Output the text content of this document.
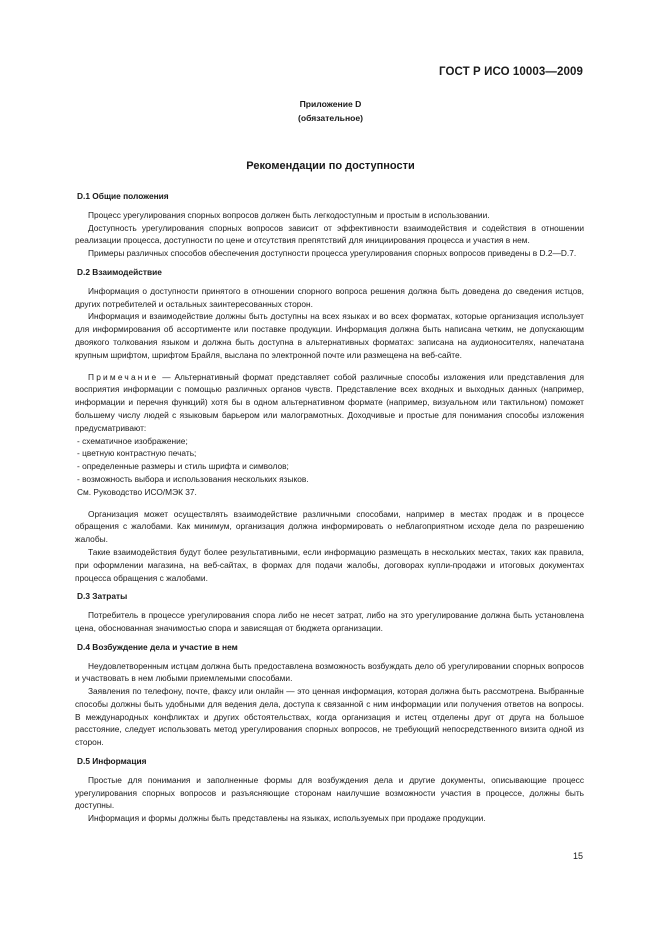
ГОСТ Р ИСО 10003—2009
Приложение D
(обязательное)
Рекомендации по доступности
D.1 Общие положения

Процесс урегулирования спорных вопросов должен быть легкодоступным и простым в использовании.

Доступность урегулирования спорных вопросов зависит от эффективности взаимодействия и содействия в отношении реализации процесса, доступности по цене и отсутствия препятствий для инициирования процесса и участия в нем.

Примеры различных способов обеспечения доступности процесса урегулирования спорных вопросов приведены в D.2—D.7.

D.2 Взаимодействие

Информация о доступности принятого в отношении спорного вопроса решения должна быть доведена до сведения истцов, других потребителей и остальных заинтересованных сторон.

Информация и взаимодействие должны быть доступны на всех языках и во всех форматах, которые организация использует для информирования об ассортименте или поставке продукции. Информация должна быть написана четким, не допускающим двоякого толкования языком и должна быть доступна в альтернативных форматах: записана на аудионосителях, напечатана крупным шрифтом, шрифтом Брайля, выслана по электронной почте или размещена на веб-сайте.

Примечание — Альтернативный формат представляет собой различные способы изложения или представления для восприятия информации с помощью различных органов чувств. Представление всех входных и выходных данных (например, информации и перечня функций) хотя бы в одном альтернативном формате (например, визуальном или тактильном) поможет большему числу людей с языковым барьером или малограмотных. Доходчивые и простые для понимания способы изложения предусматривают:

- схематичное изображение;

- цветную контрастную печать;

- определенные размеры и стиль шрифта и символов;

- возможность выбора и использования нескольких языков.

См. Руководство ИСО/МЭК 37.

Организация может осуществлять взаимодействие различными способами, например в местах продаж и в процессе обращения с жалобами. Как минимум, организация должна информировать о неблагоприятном исходе дела по разрешению жалобы.

Такие взаимодействия будут более результативными, если информацию размещать в нескольких местах, таких как правила, при оформлении магазина, на веб-сайтах, в формах для подачи жалобы, договорах купли-продажи и итоговых документах процесса обращения с жалобами.

D.3 Затраты

Потребитель в процессе урегулирования спора либо не несет затрат, либо на это урегулирование должна быть установлена цена, обоснованная значимостью спора и зависящая от бюджета организации.

D.4 Возбуждение дела и участие в нем

Неудовлетворенным истцам должна быть предоставлена возможность возбуждать дело об урегулировании спорных вопросов и участвовать в нем любыми приемлемыми способами.

Заявления по телефону, почте, факсу или онлайн — это ценная информация, которая должна быть рассмотрена. Выбранные способы должны быть удобными для ведения дела, доступа к связанной с ним информации или получения ответов на вопросы. В международных конфликтах и других обстоятельствах, когда организация и истец отделены друг от друга на большое расстояние, следует использовать метод урегулирования спорных вопросов, не требующий непосредственного визита одной из сторон.

D.5 Информация

Простые для понимания и заполненные формы для возбуждения дела и другие документы, описывающие процесс урегулирования спорных вопросов и разъясняющие сторонам наилучшие возможности участия в процессе, должны быть доступны.

Информация и формы должны быть представлены на языках, используемых при продаже продукции.

15
